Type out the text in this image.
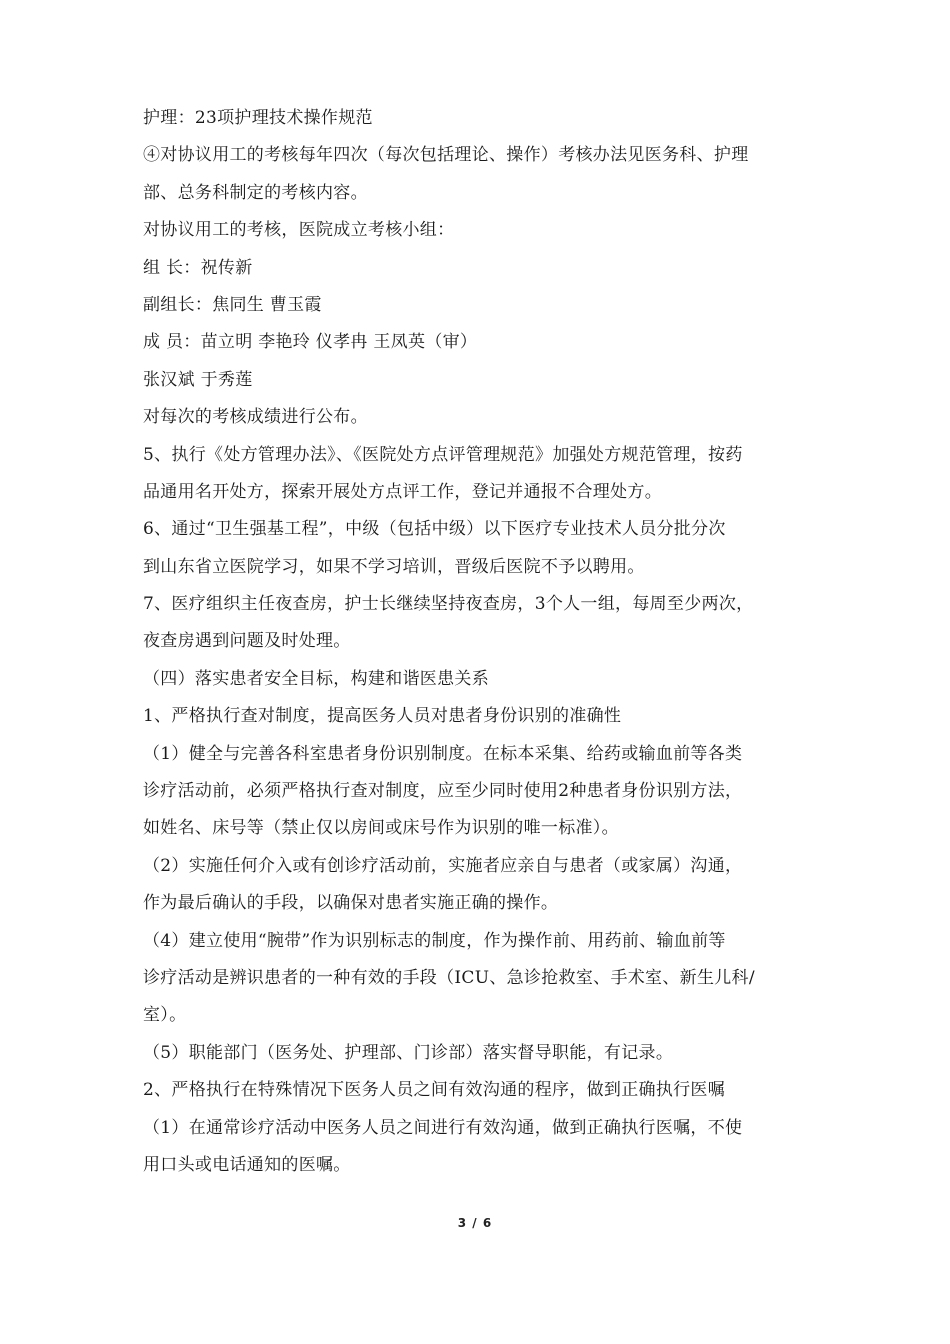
护理：23项护理技术操作规范
④对协议用工的考核每年四次（每次包括理论、操作）考核办法见医务科、护理
部、总务科制定的考核内容。
对协议用工的考核，医院成立考核小组：
组 长：祝传新
副组长：焦同生 曹玉霞
成 员：苗立明 李艳玲 仪孝冉 王凤英（审）
张汉斌 于秀莲
对每次的考核成绩进行公布。
5、执行《处方管理办法》、《医院处方点评管理规范》加强处方规范管理，按药
品通用名开处方，探索开展处方点评工作，登记并通报不合理处方。
6、通过“卫生强基工程”，中级（包括中级）以下医疗专业技术人员分批分次
到山东省立医院学习，如果不学习培训，晋级后医院不予以聘用。
7、医疗组织主任夜查房，护士长继续坚持夜查房，3个人一组，每周至少两次，
夜查房遇到问题及时处理。
（四）落实患者安全目标，构建和谐医患关系
1、严格执行查对制度，提高医务人员对患者身份识别的准确性
（1）健全与完善各科室患者身份识别制度。在标本采集、给药或输血前等各类
诊疗活动前，必须严格执行查对制度，应至少同时使用2种患者身份识别方法，
如姓名、床号等（禁止仅以房间或床号作为识别的唯一标准）。
（2）实施任何介入或有创诊疗活动前，实施者应亲自与患者（或家属）沟通，
作为最后确认的手段，以确保对患者实施正确的操作。
（4）建立使用“腕带”作为识别标志的制度，作为操作前、用药前、输血前等
诊疗活动是辨识患者的一种有效的手段（ICU、急诊抢救室、手术室、新生儿科/
室）。
（5）职能部门（医务处、护理部、门诊部）落实督导职能，有记录。
2、严格执行在特殊情况下医务人员之间有效沟通的程序，做到正确执行医嘱
（1）在通常诊疗活动中医务人员之间进行有效沟通，做到正确执行医嘱，不使
用口头或电话通知的医嘱。
3 / 6
